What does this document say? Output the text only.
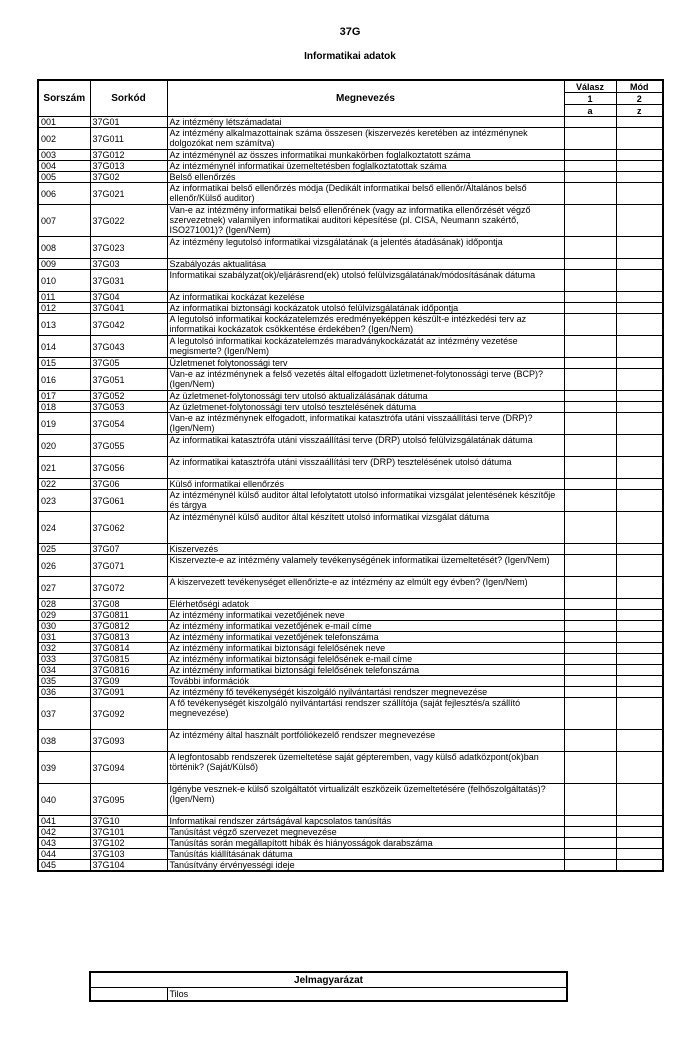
37G
Informatikai adatok
Sorszám	Sorkód	Megnevezés	Válasz	Mód
			1	2
			a	z
001	37G01	Az intézmény létszámadatai		
002	37G011	Az intézmény alkalmazottainak száma összesen (kiszervezés keretében az intézménynek dolgozókat nem számítva)		
003	37G012	Az intézménynél az összes informatikai munkakörben foglalkoztatott száma		
004	37G013	Az intézménynél informatikai üzemeltetésben foglalkoztatottak száma		
005	37G02	Belső ellenőrzés		
006	37G021	Az informatikai belső ellenőrzés módja (Dedikált informatikai belső ellenőr/Általános belső ellenőr/Külső auditor)		
007	37G022	Van-e az intézmény informatikai belső ellenőrének (vagy az informatika ellenőrzését végző szervezetnek) valamilyen informatikai auditori képesítése (pl. CISA, Neumann szakértő, ISO271001)? (Igen/Nem)		
008	37G023	Az intézmény legutolsó informatikai vizsgálatának (a jelentés átadásának) időpontja		
009	37G03	Szabályozás aktualitása		
010	37G031	Informatikai szabályzat(ok)/eljárásrend(ek) utolsó felülvizsgálatának/módosításának dátuma		
011	37G04	Az informatikai kockázat kezelése		
012	37G041	Az informatikai biztonsági kockázatok utolsó felülvizsgálatának időpontja		
013	37G042	A legutolsó informatikai kockázatelemzés eredményeképpen készült-e intézkedési terv az informatikai kockázatok csökkentése érdekében? (Igen/Nem)		
014	37G043	A legutolsó informatikai kockázatelemzés maradványkockázatát az intézmény vezetése megismerte? (Igen/Nem)		
015	37G05	Üzletmenet folytonossági terv		
016	37G051	Van-e az intézménynek a felső vezetés által elfogadott üzletmenet-folytonossági terve (BCP)? (Igen/Nem)		
017	37G052	Az üzletmenet-folytonossági terv utolsó aktualizálásának dátuma		
018	37G053	Az üzletmenet-folytonossági terv utolsó tesztelésének dátuma		
019	37G054	Van-e az intézménynek elfogadott, informatikai katasztrófa utáni visszaállítási terve (DRP)? (Igen/Nem)		
020	37G055	Az informatikai katasztrófa utáni visszaállítási terve (DRP) utolsó felülvizsgálatának dátuma		
021	37G056	Az informatikai katasztrófa utáni visszaállítási terv (DRP) tesztelésének utolsó dátuma		
022	37G06	Külső informatikai ellenőrzés		
023	37G061	Az intézménynél külső auditor által lefolytatott utolsó informatikai vizsgálat jelentésének készítője és tárgya		
024	37G062	Az intézménynél külső auditor által készített utolsó informatikai vizsgálat dátuma		
025	37G07	Kiszervezés		
026	37G071	Kiszervezte-e az intézmény valamely tevékenységének informatikai üzemeltetését? (Igen/Nem)		
027	37G072	A kiszervezett tevékenységet ellenőrizte-e az intézmény az elmúlt egy évben? (Igen/Nem)		
028	37G08	Elérhetőségi adatok		
029	37G0811	Az intézmény informatikai vezetőjének neve		
030	37G0812	Az intézmény informatikai vezetőjének e-mail címe		
031	37G0813	Az intézmény informatikai vezetőjének telefonszáma		
032	37G0814	Az intézmény informatikai biztonsági felelősének neve		
033	37G0815	Az intézmény informatikai biztonsági felelősének e-mail címe		
034	37G0816	Az intézmény informatikai biztonsági felelősének telefonszáma		
035	37G09	További információk		
036	37G091	Az intézmény fő tevékenységét kiszolgáló nyilvántartási rendszer megnevezése		
037	37G092	A fő tevékenységét kiszolgáló nyilvántartási rendszer szállítója (saját fejlesztés/a szállító megnevezése)		
038	37G093	Az intézmény által használt portfóliókezelő rendszer megnevezése		
039	37G094	A legfontosabb rendszerek üzemeltetése saját gépteremben, vagy külső adatközpont(ok)ban történik? (Saját/Külső)		
040	37G095	Igénybe vesznek-e külső szolgáltatót virtualizált eszközeik üzemeltetésére (felhőszolgáltatás)? (Igen/Nem)		
041	37G10	Informatikai rendszer zártságával kapcsolatos tanúsítás		
042	37G101	Tanúsítást végző szervezet megnevezése		
043	37G102	Tanúsítás során megállapított hibák és hiányosságok darabszáma		
044	37G103	Tanúsítás kiállításának dátuma		
045	37G104	Tanúsítvány érvényességi ideje		
Jelmagyarázat
	Tilos
